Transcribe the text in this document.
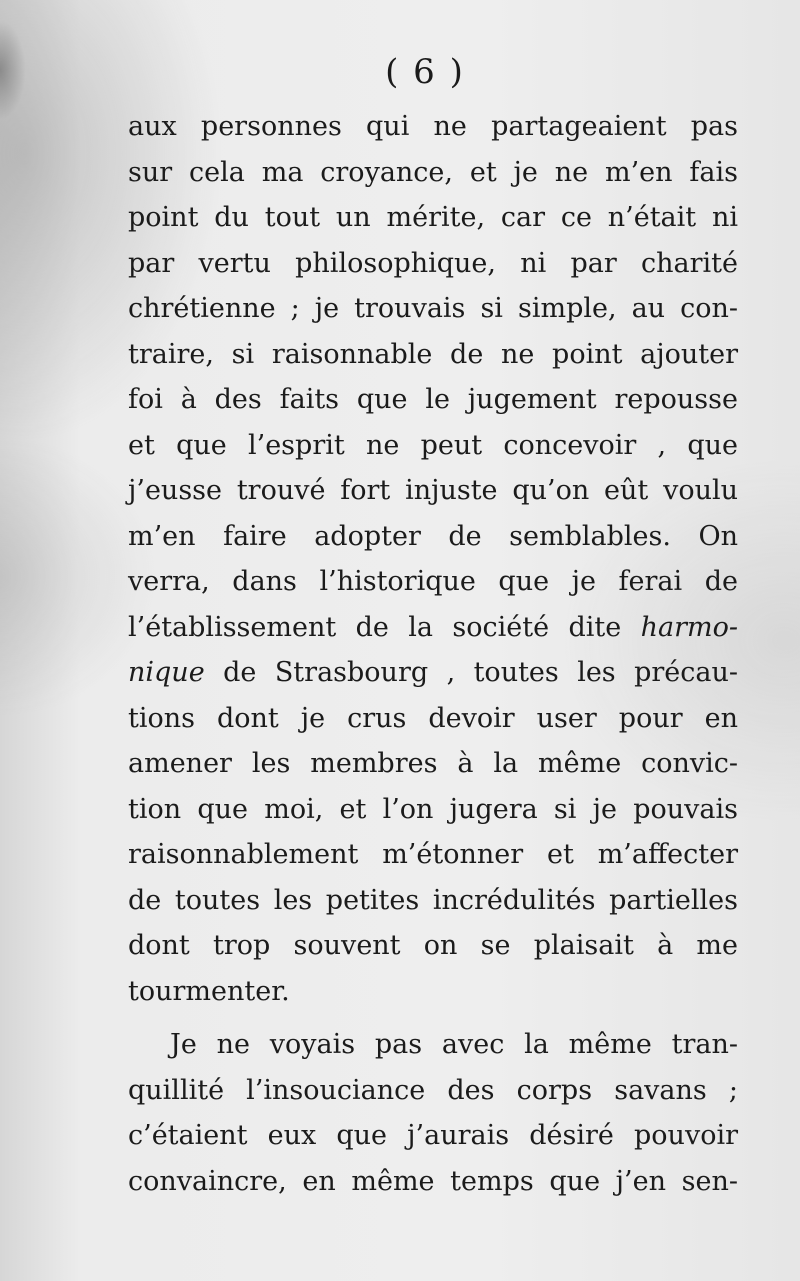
( 6 )
aux personnes qui ne partageaient pas
sur cela ma croyance, et je ne m’en fais
point du tout un mérite, car ce n’était ni
par vertu philosophique, ni par charité
chrétienne ; je trouvais si simple, au con-
traire, si raisonnable de ne point ajouter
foi à des faits que le jugement repousse
et que l’esprit ne peut concevoir , que
j’eusse trouvé fort injuste qu’on eût voulu
m’en faire adopter de semblables. On
verra, dans l’historique que je ferai de
l’établissement de la société dite harmo-
nique de Strasbourg , toutes les précau-
tions dont je crus devoir user pour en
amener les membres à la même convic-
tion que moi, et l’on jugera si je pouvais
raisonnablement m’étonner et m’affecter
de toutes les petites incrédulités partielles
dont trop souvent on se plaisait à me
tourmenter.
Je ne voyais pas avec la même tran-
quillité l’insouciance des corps savans ;
c’étaient eux que j’aurais désiré pouvoir
convaincre, en même temps que j’en sen-
